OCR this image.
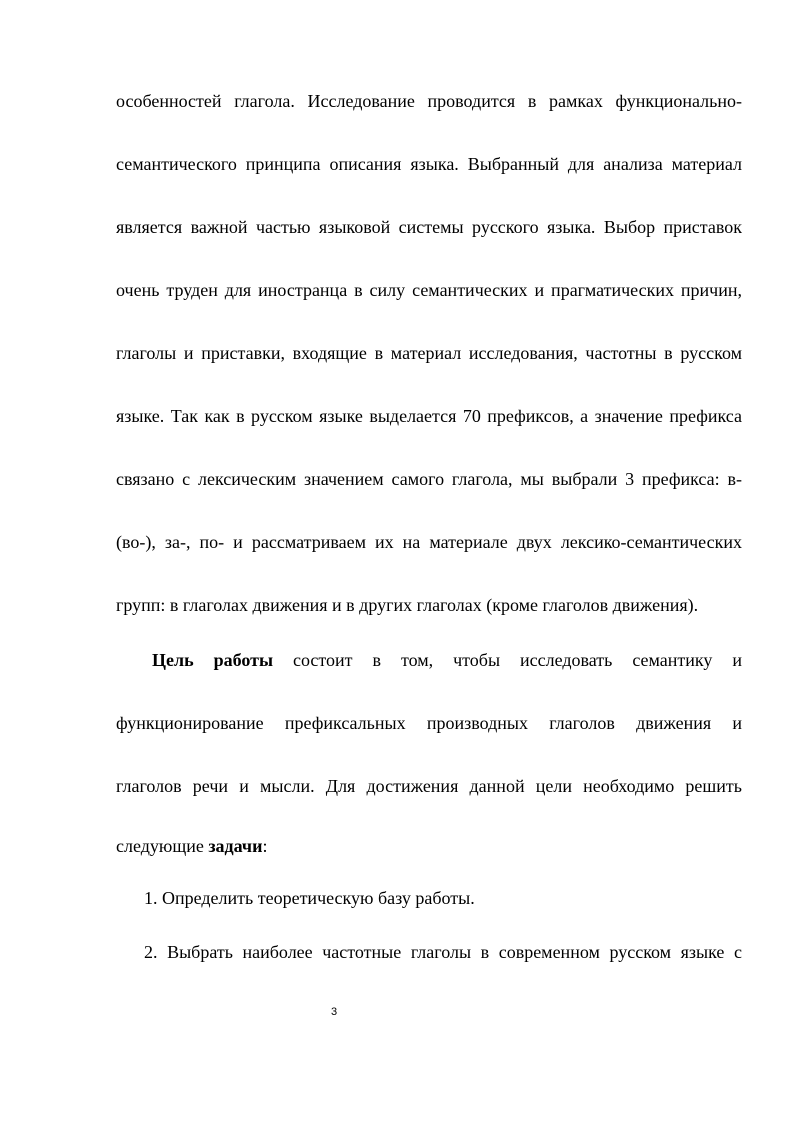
особенностей глагола. Исследование проводится в рамках функционально-
семантического принципа описания языка. Выбранный для анализа материал
является важной частью языковой системы русского языка. Выбор приставок
очень труден для иностранца в силу семантических и прагматических причин,
глаголы и приставки, входящие в материал исследования, частотны в русском
языке. Так как в русском языке выделается 70 префиксов, а значение префикса
связано с лексическим значением самого глагола, мы выбрали 3 префикса: в-
(во-), за-, по- и рассматриваем их на материале двух лексико-семантических
групп: в глаголах движения и в других глаголах (кроме глаголов движения).
  Цель работы состоит в том, чтобы исследовать семантику и
функционирование префиксальных производных глаголов движения и
глаголов речи и мысли. Для достижения данной цели необходимо решить
следующие задачи:
1. Определить теоретическую базу работы.
2. Выбрать наиболее частотные глаголы в современном русском языке с
3
